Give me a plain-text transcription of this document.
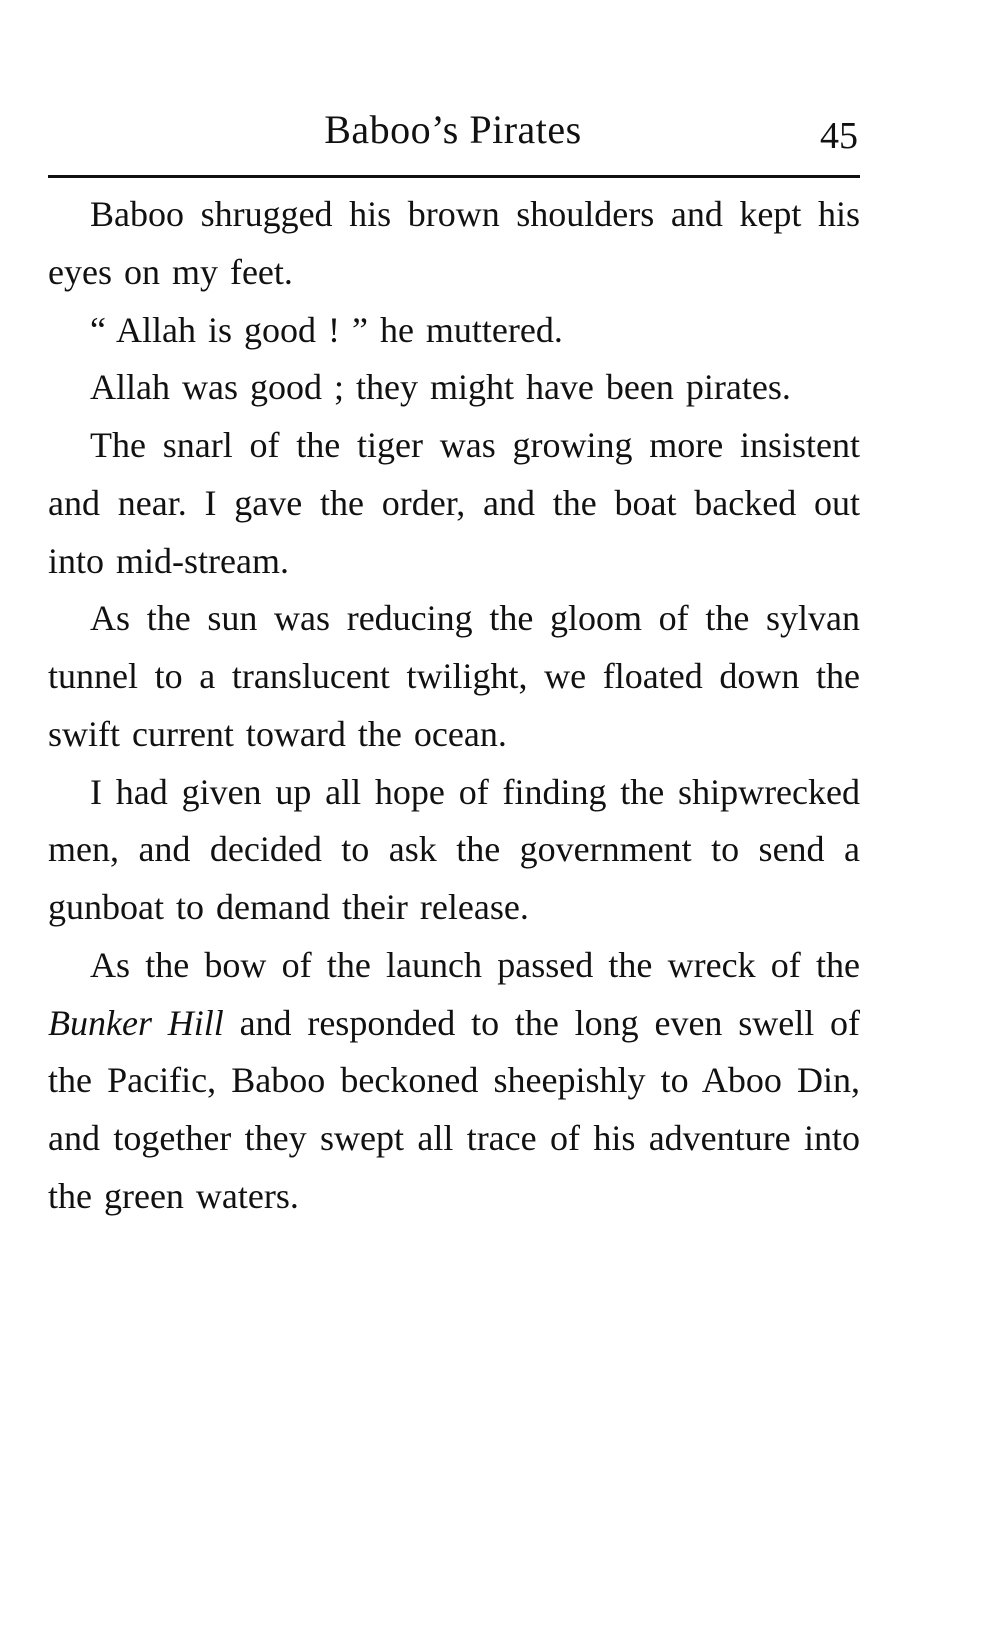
Baboo’s Pirates	45

Baboo shrugged his brown shoulders and kept his eyes on my feet.

“ Allah is good ! ” he muttered.

Allah was good ; they might have been pirates.

The snarl of the tiger was growing more insistent and near. I gave the order, and the boat backed out into mid-stream.

As the sun was reducing the gloom of the sylvan tunnel to a translucent twilight, we floated down the swift current toward the ocean.

I had given up all hope of finding the shipwrecked men, and decided to ask the government to send a gunboat to demand their release.

As the bow of the launch passed the wreck of the Bunker Hill and responded to the long even swell of the Pacific, Baboo beckoned sheepishly to Aboo Din, and together they swept all trace of his adventure into the green waters.
